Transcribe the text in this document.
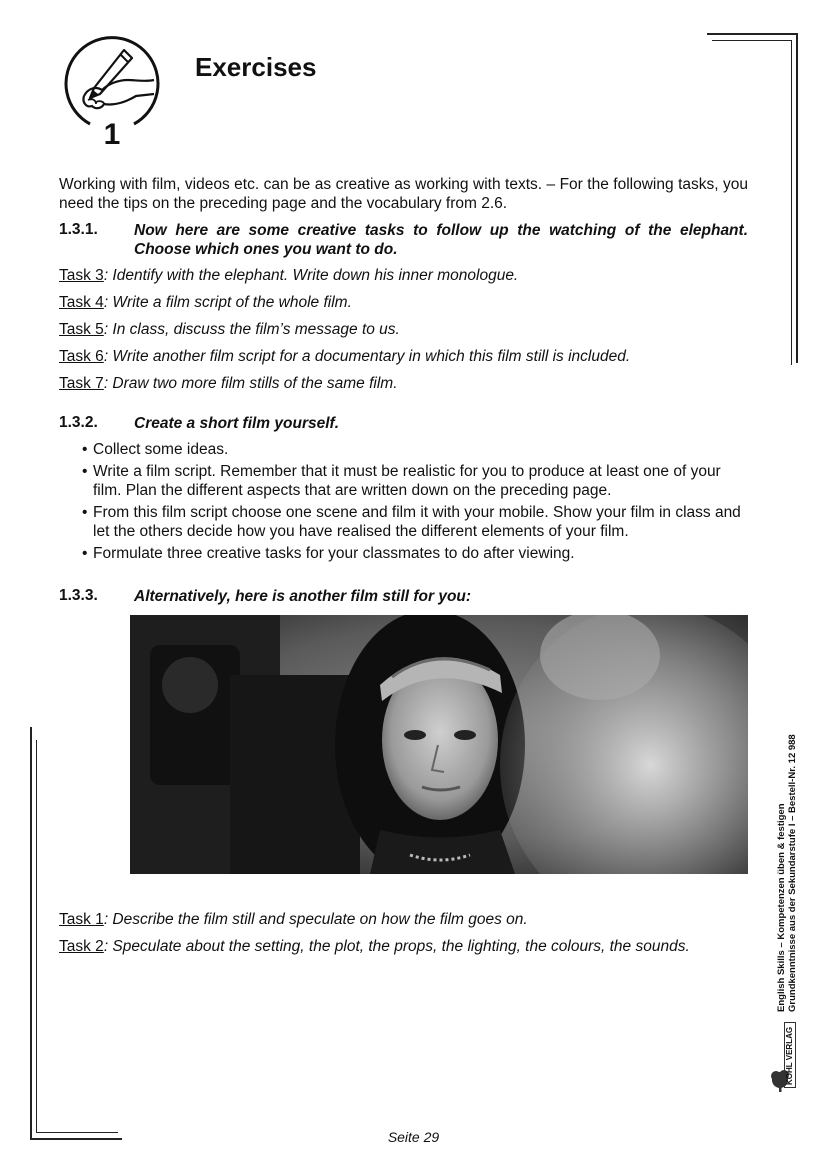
1
Exercises
Working with film, videos etc. can be as creative as working with texts. – For the following tasks, you need the tips on the preceding page and the vocabulary from 2.6.
1.3.1. Now here are some creative tasks to follow up the watching of the elephant.
Choose which ones you want to do.
Task 3: Identify with the elephant. Write down his inner monologue.
Task 4: Write a film script of the whole film.
Task 5: In class, discuss the film’s message to us.
Task 6: Write another film script for a documentary in which this film still is included.
Task 7: Draw two more film stills of the same film.
1.3.2. Create a short film yourself.
• Collect some ideas.
• Write a film script. Remember that it must be realistic for you to produce at least one of your film. Plan the different aspects that are written down on the preceding page.
• From this film script choose one scene and film it with your mobile. Show your film in class and let the others decide how you have realised the different elements of your film.
• Formulate three creative tasks for your classmates to do after viewing.
1.3.3. Alternatively, here is another film still for you:
Task 1: Describe the film still and speculate on how the film goes on.
Task 2: Speculate about the setting, the plot, the props, the lighting, the colours, the sounds.	English Skills – Kompetenzen üben & festigen Grundkenntnisse aus der Sekundarstufe I – Bestell-Nr. 12 988
KOHL VERLAG
Seite 29
